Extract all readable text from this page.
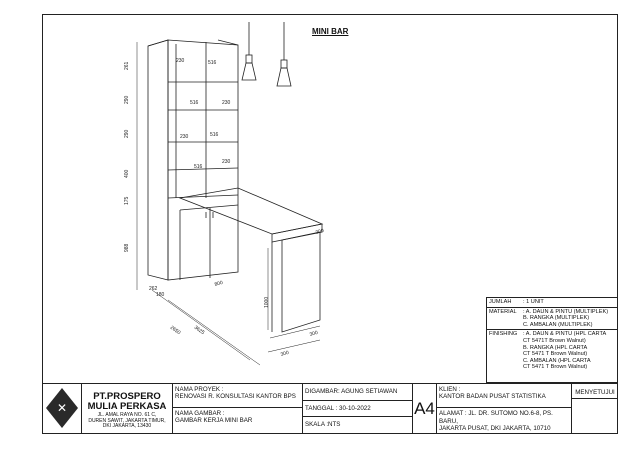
MINI BAR
261
290
290
400
175
988
230
230
230
230
516
516
516
516
2650 3625
800
300
1000
300
300
262
180
JUMLAH	: 1 UNIT
MATERIAL	: A. DAUN & PINTU (MULTIPLEK)
B. RANGKA (MULTIPLEK)
C. AMBALAN (MULTIPLEK)
FINISHING	: A. DAUN & PINTU (HPL CARTA
CT 5471T Brown Walnut)
B. RANGKA (HPL CARTA
CT 5471 T Brown Walnut)
C. AMBALAN (HPL CARTA
CT 5471 T Brown Walnut)
✕
PT.PROSPERO
MULIA PERKASA
JL. AMAL RAYA NO. 61 C,
DUREN SAWIT, JAKARTA TIMUR,
DKI JAKARTA, 13430
NAMA PROYEK :
RENOVASI R. KONSULTASI KANTOR BPS
NAMA GAMBAR :
GAMBAR KERJA MINI BAR
DIGAMBAR: AGUNG SETIAWAN
TANGGAL : 30-10-2022
SKALA :NTS
A4
KLIEN :
KANTOR BADAN PUSAT STATISTIKA
ALAMAT : JL. DR. SUTOMO NO.6-8, PS. BARU,
JAKARTA PUSAT, DKI JAKARTA, 10710
MENYETUJUI
